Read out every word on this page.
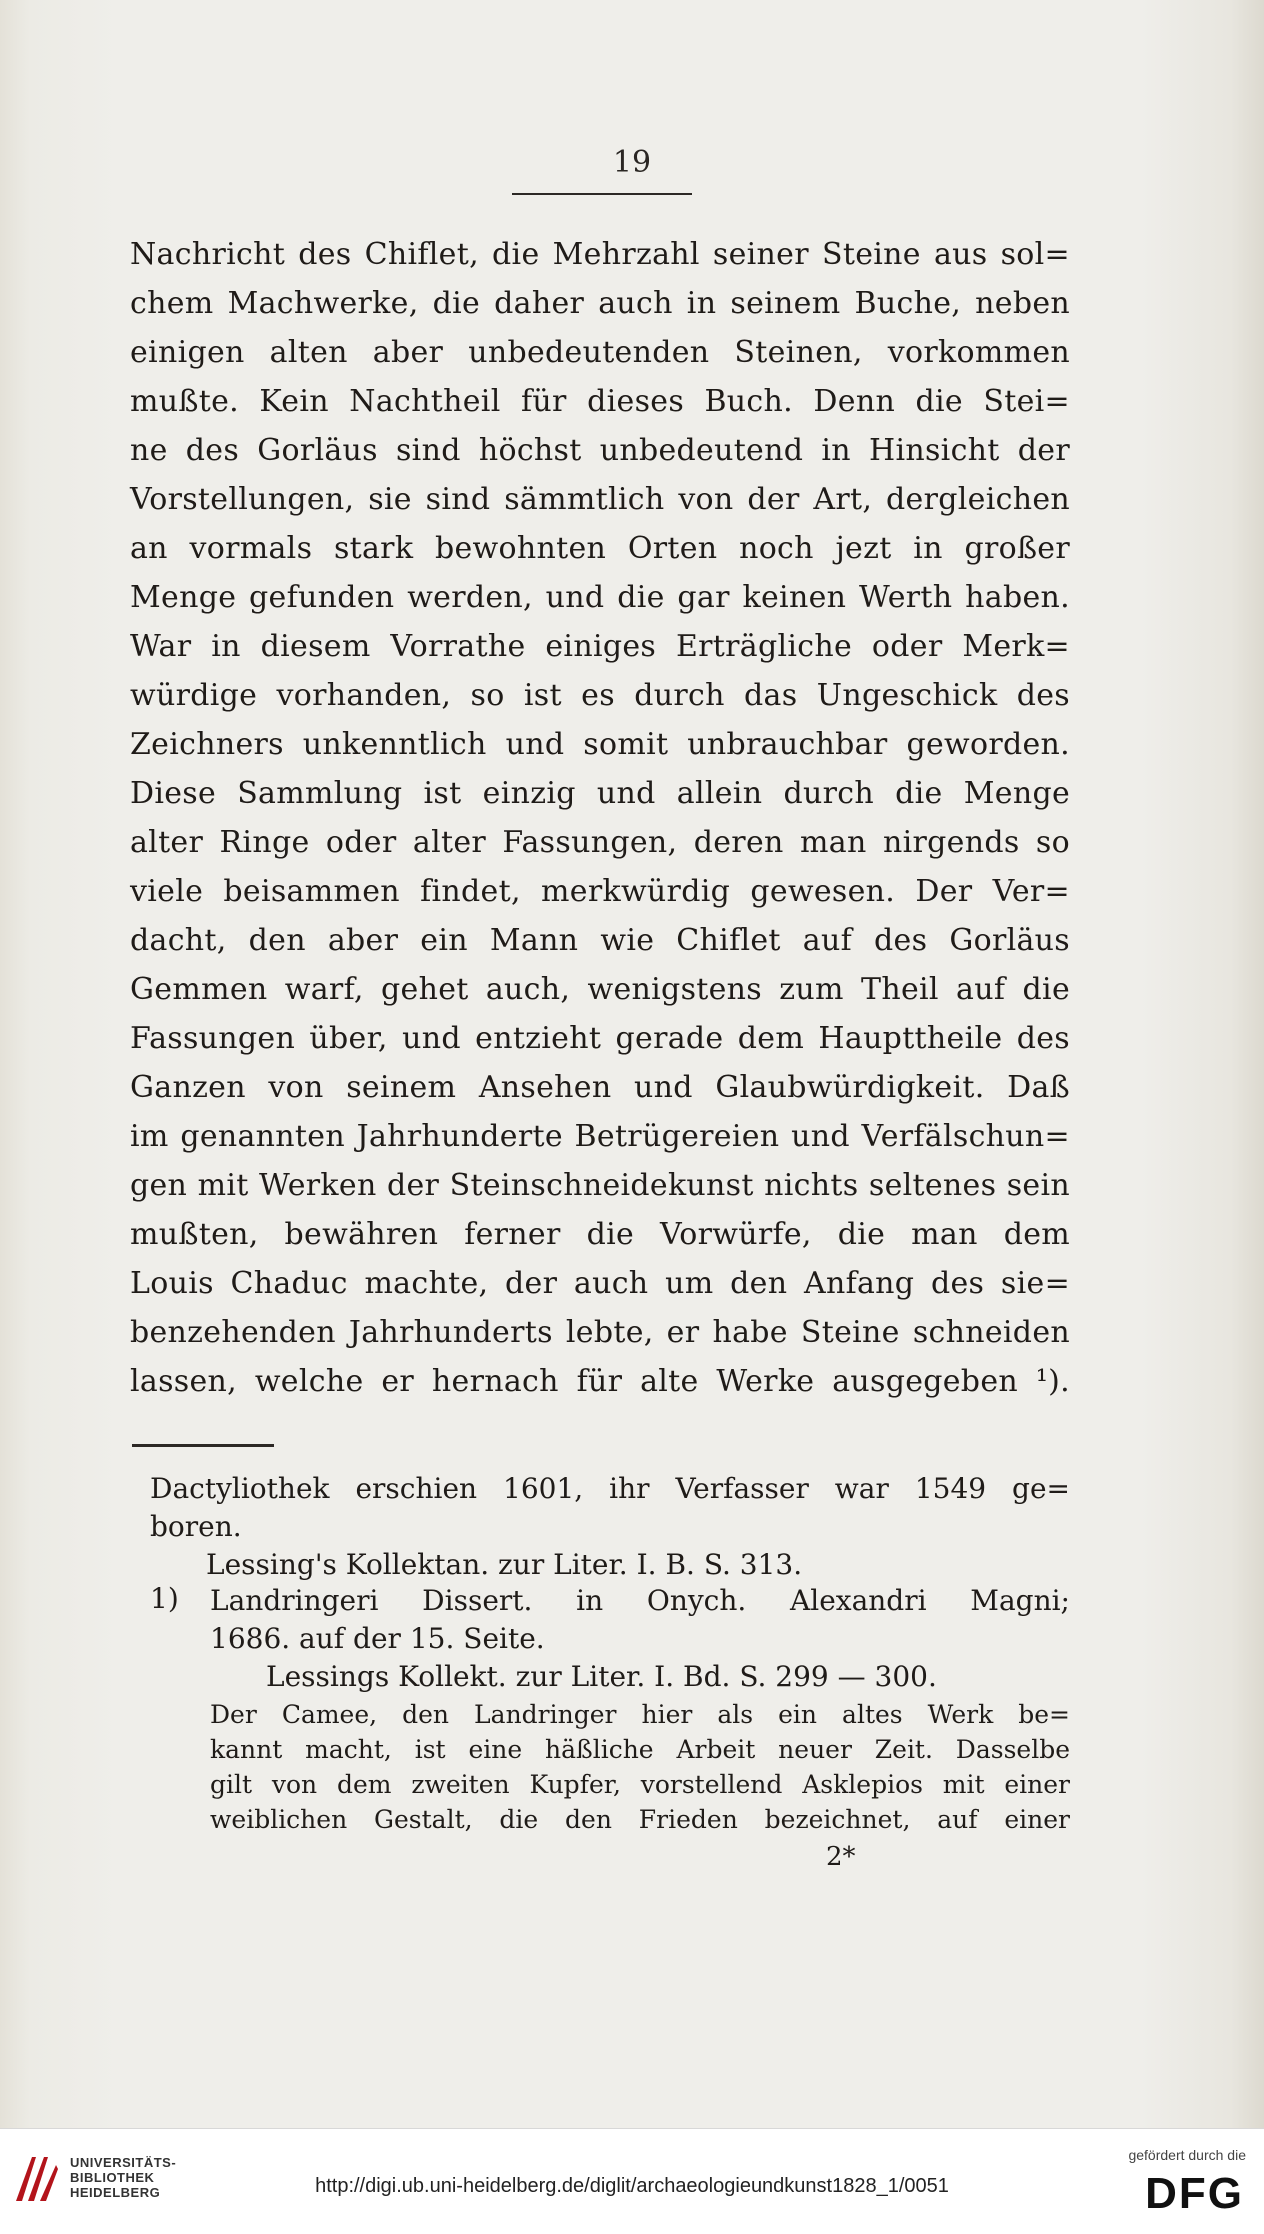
19
Nachricht des Chiflet, die Mehrzahl seiner Steine aus sol=
chem Machwerke, die daher auch in seinem Buche, neben
einigen alten aber unbedeutenden Steinen, vorkommen
mußte. Kein Nachtheil für dieses Buch. Denn die Stei=
ne des Gorläus sind höchst unbedeutend in Hinsicht der
Vorstellungen, sie sind sämmtlich von der Art, dergleichen
an vormals stark bewohnten Orten noch jezt in großer
Menge gefunden werden, und die gar keinen Werth haben.
War in diesem Vorrathe einiges Erträgliche oder Merk=
würdige vorhanden, so ist es durch das Ungeschick des
Zeichners unkenntlich und somit unbrauchbar geworden.
Diese Sammlung ist einzig und allein durch die Menge
alter Ringe oder alter Fassungen, deren man nirgends so
viele beisammen findet, merkwürdig gewesen. Der Ver=
dacht, den aber ein Mann wie Chiflet auf des Gorläus
Gemmen warf, gehet auch, wenigstens zum Theil auf die
Fassungen über, und entzieht gerade dem Haupttheile des
Ganzen von seinem Ansehen und Glaubwürdigkeit. Daß
im genannten Jahrhunderte Betrügereien und Verfälschun=
gen mit Werken der Steinschneidekunst nichts seltenes sein
mußten, bewähren ferner die Vorwürfe, die man dem
Louis Chaduc machte, der auch um den Anfang des sie=
benzehenden Jahrhunderts lebte, er habe Steine schneiden
lassen, welche er hernach für alte Werke ausgegeben ¹).
Dactyliothek erschien 1601, ihr Verfasser war 1549 ge=
boren.
Lessing's Kollektan. zur Liter. I. B. S. 313.
1) Landringeri Dissert. in Onych. Alexandri Magni;
1686. auf der 15. Seite.
Lessings Kollekt. zur Liter. I. Bd. S. 299 — 300.
Der Camee, den Landringer hier als ein altes Werk be=
kannt macht, ist eine häßliche Arbeit neuer Zeit. Dasselbe
gilt von dem zweiten Kupfer, vorstellend Asklepios mit einer
weiblichen Gestalt, die den Frieden bezeichnet, auf einer
2*
UNIVERSITÄTS-
BIBLIOTHEK
HEIDELBERG	http://digi.ub.uni-heidelberg.de/diglit/archaeologieundkunst1828_1/0051
gefördert durch die
DFG
